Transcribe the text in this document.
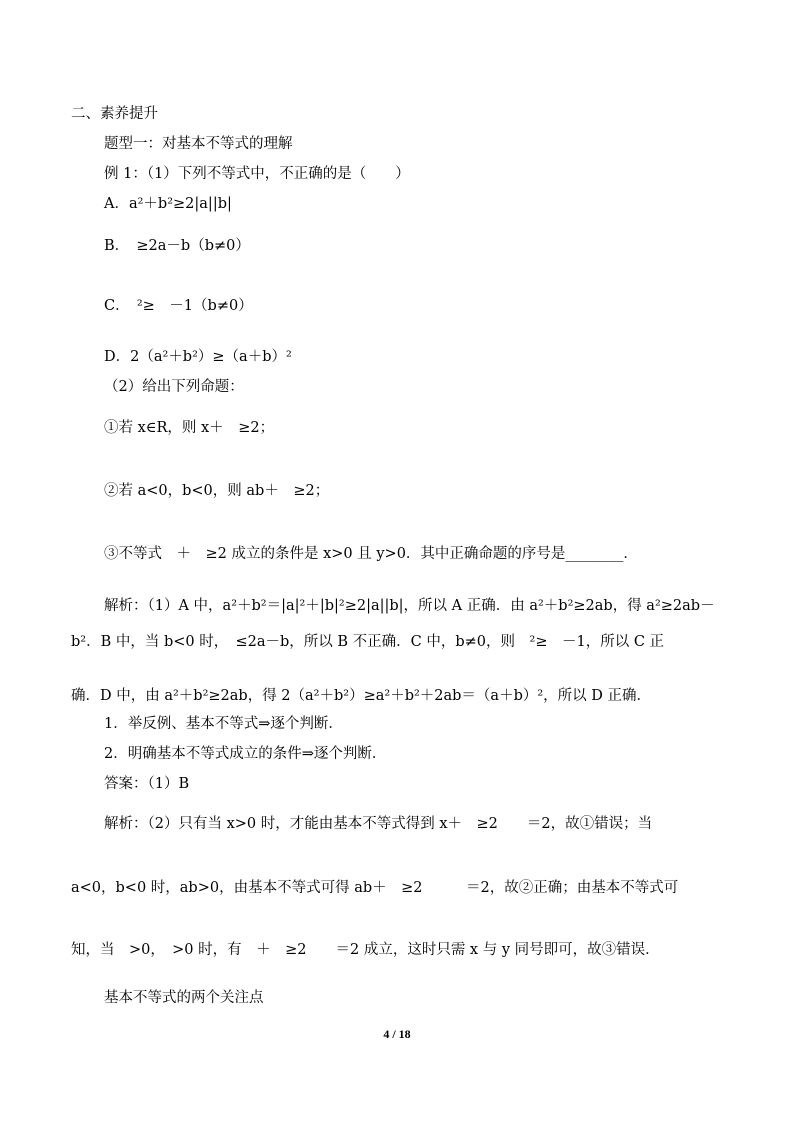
二、素养提升
题型一：对基本不等式的理解
例 1：（1）下列不等式中，不正确的是（　　）
A．a²＋b²≥2|a||b|
B．　≥2a－b（b≠0）
C．　²≥　－1（b≠0）
D．2（a²＋b²）≥（a＋b）²
（2）给出下列命题：
①若 x∈R，则 x＋　≥2；
②若 a<0，b<0，则 ab＋　≥2；
③不等式　＋　≥2 成立的条件是 x>0 且 y>0．其中正确命题的序号是________．
解析：（1）A 中，a²＋b²＝|a|²＋|b|²≥2|a||b|，所以 A 正确．由 a²＋b²≥2ab，得 a²≥2ab－
b²．B 中，当 b<0 时，　≤2a－b，所以 B 不正确．C 中，b≠0，则　²≥　－1，所以 C 正
确．D 中，由 a²＋b²≥2ab，得 2（a²＋b²）≥a²＋b²＋2ab＝（a＋b）²，所以 D 正确．
1．举反例、基本不等式⇒逐个判断．
2．明确基本不等式成立的条件⇒逐个判断．
答案：（1）B
解析：（2）只有当 x>0 时，才能由基本不等式得到 x＋　≥2　　＝2，故①错误；当
a<0，b<0 时，ab>0，由基本不等式可得 ab＋　≥2　　　＝2，故②正确；由基本不等式可
知，当　>0，　>0 时，有　＋　≥2　　＝2 成立，这时只需 x 与 y 同号即可，故③错误．
基本不等式的两个关注点
4 / 18
